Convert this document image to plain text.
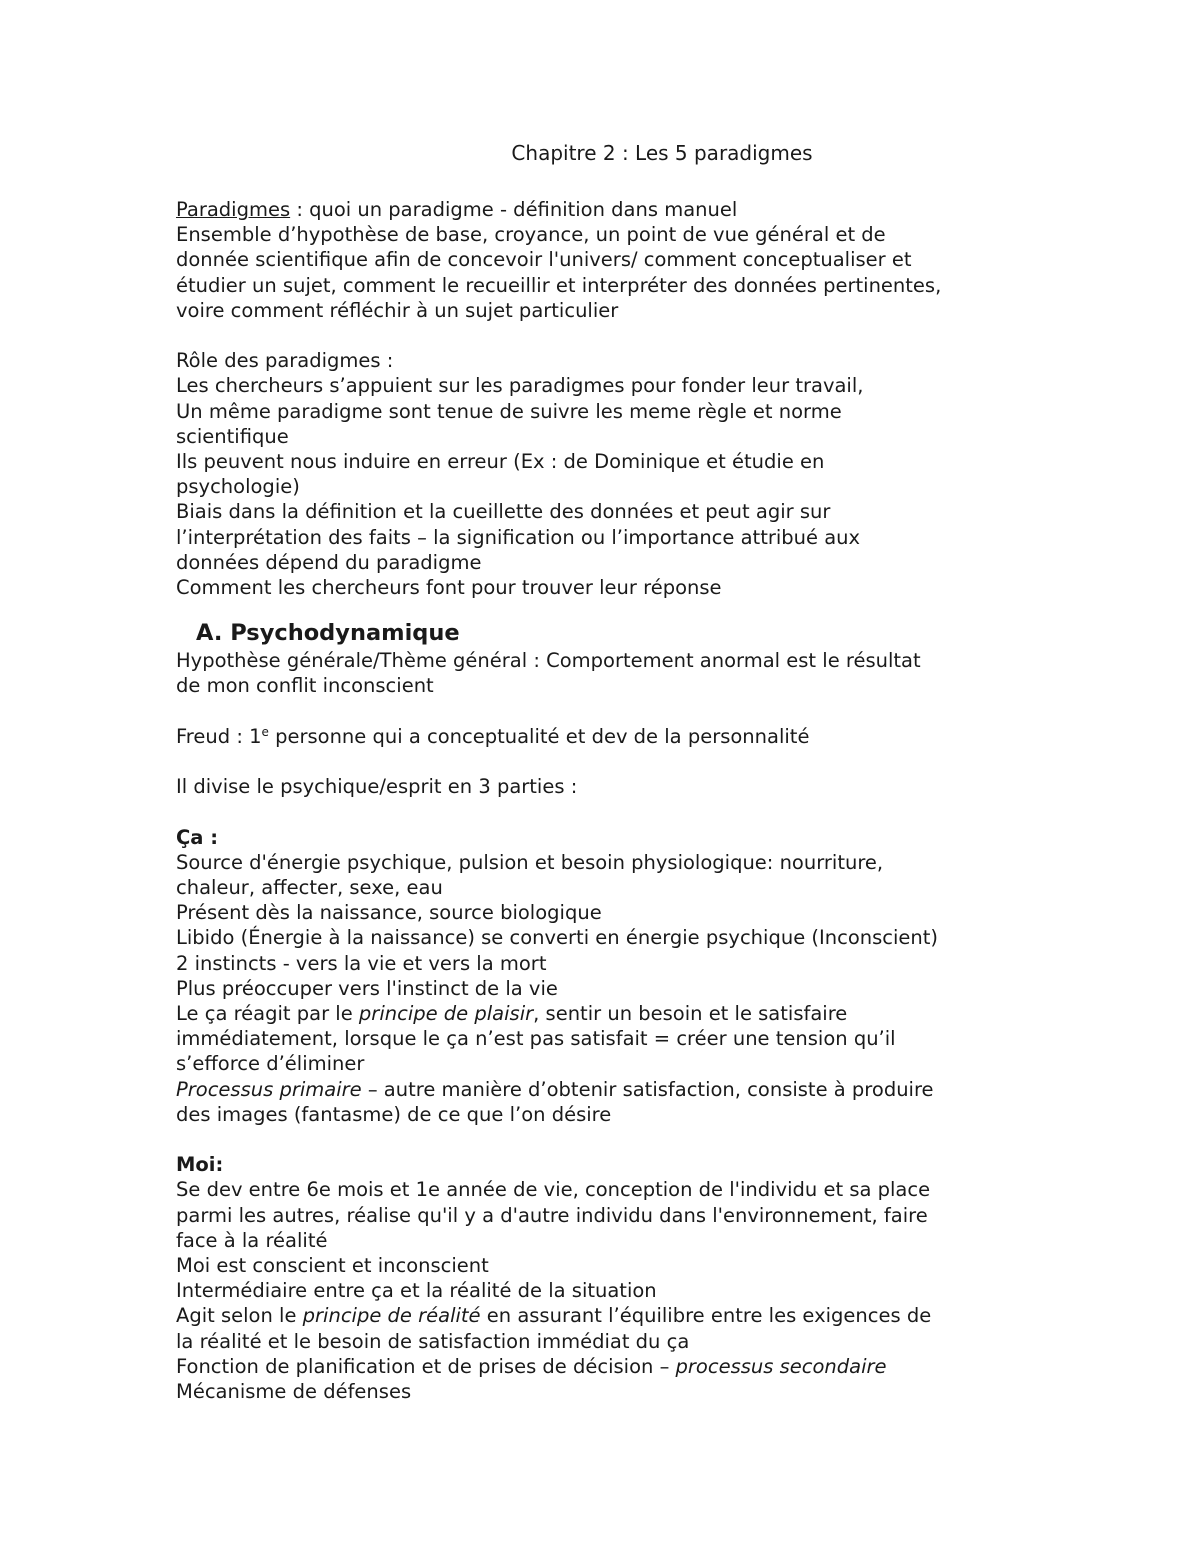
Chapitre 2 : Les 5 paradigmes
Paradigmes : quoi un paradigme - définition dans manuel
Ensemble d’hypothèse de base, croyance, un point de vue général et de
donnée scientifique afin de concevoir l'univers/ comment conceptualiser et
étudier un sujet, comment le recueillir et interpréter des données pertinentes,
voire comment réfléchir à un sujet particulier
Rôle des paradigmes :
Les chercheurs s’appuient sur les paradigmes pour fonder leur travail,
Un même paradigme sont tenue de suivre les meme règle et norme
scientifique
Ils peuvent nous induire en erreur (Ex : de Dominique et étudie en
psychologie)
Biais dans la définition et la cueillette des données et peut agir sur
l’interprétation des faits – la signification ou l’importance attribué aux
données dépend du paradigme
Comment les chercheurs font pour trouver leur réponse
A. Psychodynamique
Hypothèse générale/Thème général : Comportement anormal est le résultat
de mon conflit inconscient
Freud : 1e personne qui a conceptualité et dev de la personnalité
Il divise le psychique/esprit en 3 parties :
Ça :
Source d'énergie psychique, pulsion et besoin physiologique: nourriture,
chaleur, affecter, sexe, eau
Présent dès la naissance, source biologique
Libido (Énergie à la naissance) se converti en énergie psychique (Inconscient)
2 instincts - vers la vie et vers la mort
Plus préoccuper vers l'instinct de la vie
Le ça réagit par le principe de plaisir, sentir un besoin et le satisfaire
immédiatement, lorsque le ça n’est pas satisfait = créer une tension qu’il
s’efforce d’éliminer
Processus primaire – autre manière d’obtenir satisfaction, consiste à produire
des images (fantasme) de ce que l’on désire
Moi:
Se dev entre 6e mois et 1e année de vie, conception de l'individu et sa place
parmi les autres, réalise qu'il y a d'autre individu dans l'environnement, faire
face à la réalité
Moi est conscient et inconscient
Intermédiaire entre ça et la réalité de la situation
Agit selon le principe de réalité en assurant l’équilibre entre les exigences de
la réalité et le besoin de satisfaction immédiat du ça
Fonction de planification et de prises de décision – processus secondaire
Mécanisme de défenses
